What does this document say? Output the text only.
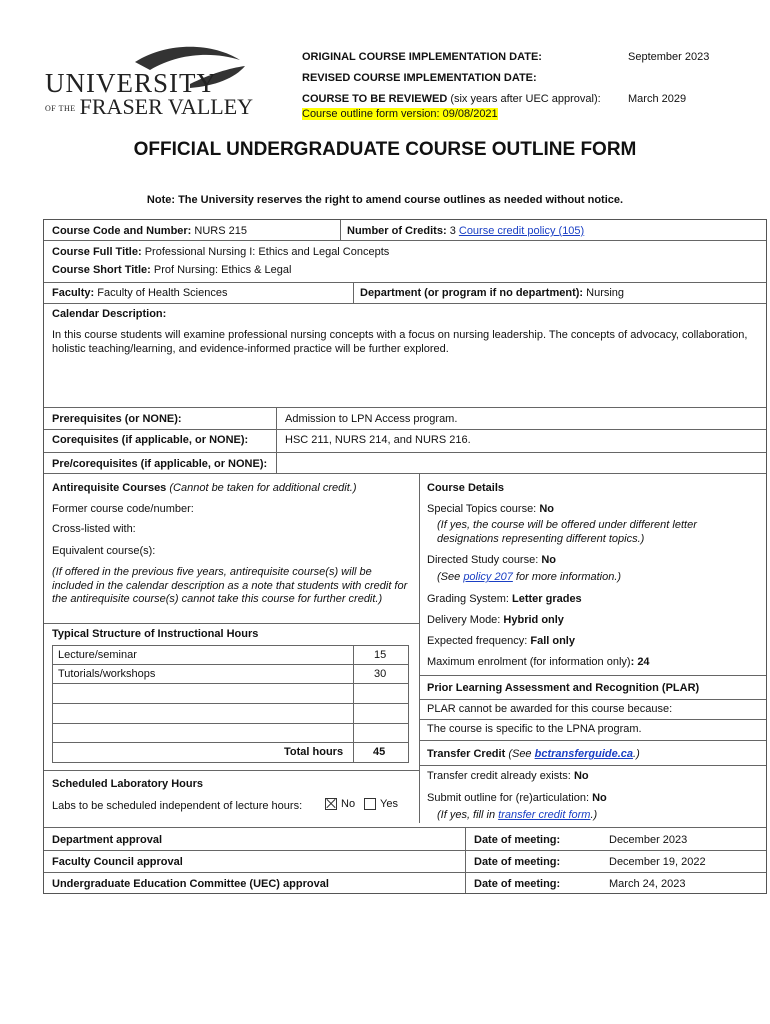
UNIVERSITY
OF THE FRASER VALLEY
ORIGINAL COURSE IMPLEMENTATION DATE:	September 2023
REVISED COURSE IMPLEMENTATION DATE:
COURSE TO BE REVIEWED (six years after UEC approval): March 2029
Course outline form version: 09/08/2021
OFFICIAL UNDERGRADUATE COURSE OUTLINE FORM
Note: The University reserves the right to amend course outlines as needed without notice.
Course Code and Number: NURS 215	Number of Credits: 3 Course credit policy (105)
Course Full Title: Professional Nursing I: Ethics and Legal Concepts
Course Short Title: Prof Nursing: Ethics & Legal
Faculty: Faculty of Health Sciences	Department (or program if no department): Nursing
Calendar Description:
In this course students will examine professional nursing concepts with a focus on nursing leadership. The concepts of advocacy, collaboration, holistic teaching/learning, and evidence-informed practice will be further explored.
Prerequisites (or NONE):	Admission to LPN Access program.
Corequisites (if applicable, or NONE):	HSC 211, NURS 214, and NURS 216.
Pre/corequisites (if applicable, or NONE):
Antirequisite Courses (Cannot be taken for additional credit.)
Former course code/number:
Cross-listed with:
Equivalent course(s):
(If offered in the previous five years, antirequisite course(s) will be included in the calendar description as a note that students with credit for the antirequisite course(s) cannot take this course for further credit.)
Typical Structure of Instructional Hours
Lecture/seminar	15
Tutorials/workshops	30
Total hours	45
Scheduled Laboratory Hours
Labs to be scheduled independent of lecture hours:	No	Yes
Course Details
Special Topics course: No
(If yes, the course will be offered under different letter designations representing different topics.)
Directed Study course: No
(See policy 207 for more information.)
Grading System: Letter grades
Delivery Mode: Hybrid only
Expected frequency: Fall only
Maximum enrolment (for information only): 24
Prior Learning Assessment and Recognition (PLAR)
PLAR cannot be awarded for this course because:
The course is specific to the LPNA program.
Transfer Credit (See bctransferguide.ca.)
Transfer credit already exists: No
Submit outline for (re)articulation: No
(If yes, fill in transfer credit form.)
Department approval	Date of meeting:	December 2023
Faculty Council approval	Date of meeting:	December 19, 2022
Undergraduate Education Committee (UEC) approval	Date of meeting:	March 24, 2023
